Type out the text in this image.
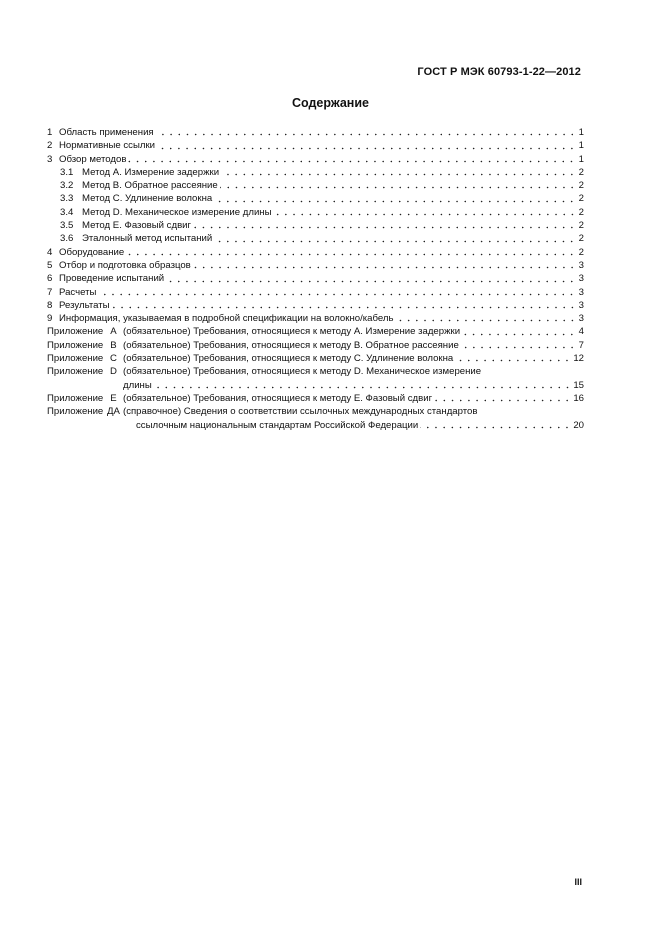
ГОСТ Р МЭК 60793-1-22—2012
Содержание
1 Область применения	1
2 Нормативные ссылки	1
3 Обзор методов	1
3.1 Метод А. Измерение задержки	2
3.2 Метод В. Обратное рассеяние	2
3.3 Метод С. Удлинение волокна	2
3.4 Метод D. Механическое измерение длины	2
3.5 Метод Е. Фазовый сдвиг	2
3.6 Эталонный метод испытаний	2
4 Оборудование	2
5 Отбор и подготовка образцов	3
6 Проведение испытаний	3
7 Расчеты	3
8 Результаты	3
9 Информация, указываемая в подробной спецификации на волокно/кабель	3
Приложение А (обязательное) Требования, относящиеся к методу А. Измерение задержки	4
Приложение В (обязательное) Требования, относящиеся к методу В. Обратное рассеяние	7
Приложение С (обязательное) Требования, относящиеся к методу С. Удлинение волокна	12
Приложение D (обязательное) Требования, относящиеся к методу D. Механическое измерение
длины	15
Приложение Е (обязательное) Требования, относящиеся к методу Е. Фазовый сдвиг	16
Приложение ДА (справочное) Сведения о соответствии ссылочных международных стандартов
ссылочным национальным стандартам Российской Федерации	20
III
